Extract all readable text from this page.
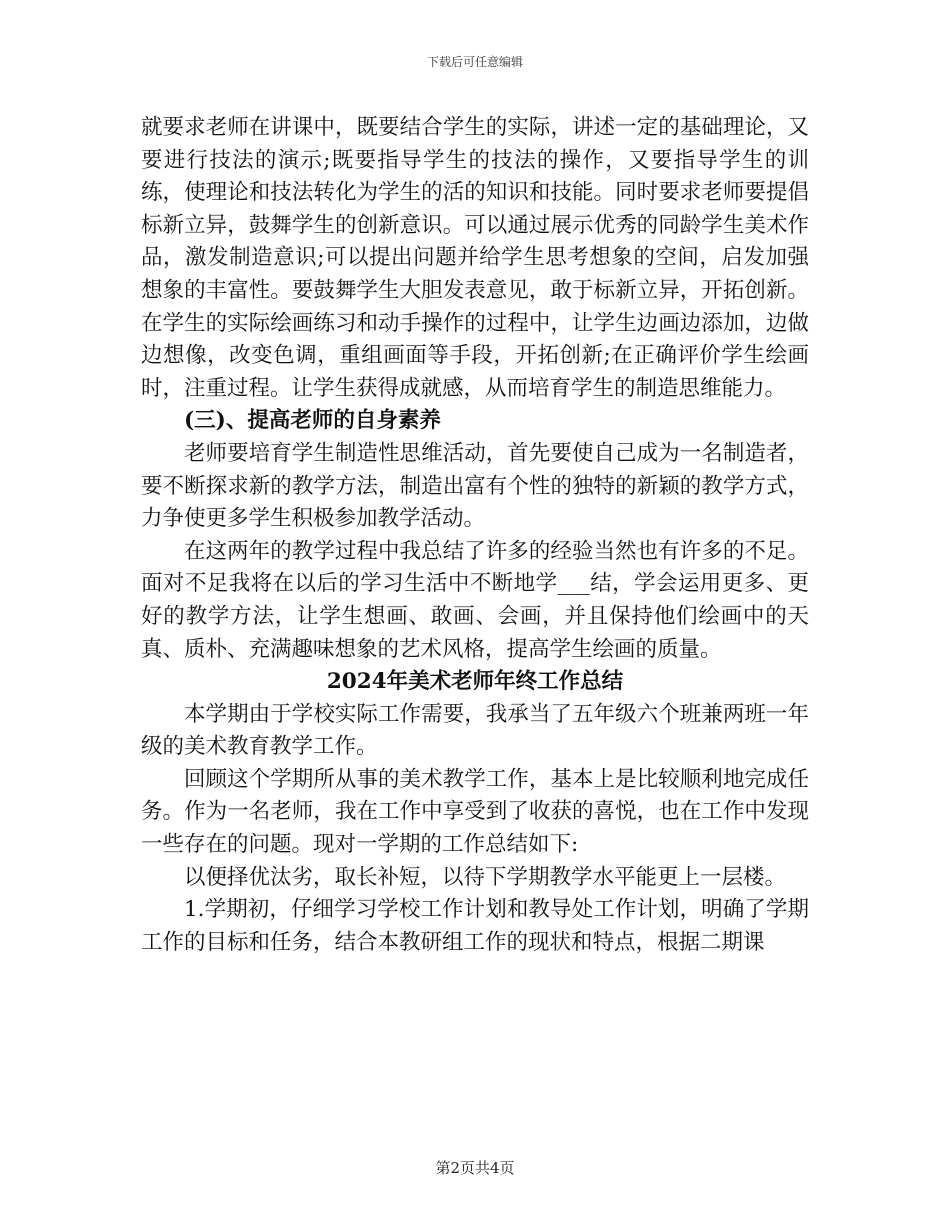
下载后可任意编辑

就要求老师在讲课中，既要结合学生的实际，讲述一定的基础理论，又要进行技法的演示;既要指导学生的技法的操作，又要指导学生的训练，使理论和技法转化为学生的活的知识和技能。同时要求老师要提倡标新立异，鼓舞学生的创新意识。可以通过展示优秀的同龄学生美术作品，激发制造意识;可以提出问题并给学生思考想象的空间，启发加强想象的丰富性。要鼓舞学生大胆发表意见，敢于标新立异，开拓创新。在学生的实际绘画练习和动手操作的过程中，让学生边画边添加，边做边想像，改变色调，重组画面等手段，开拓创新;在正确评价学生绘画时，注重过程。让学生获得成就感，从而培育学生的制造思维能力。

(三)、提高老师的自身素养

老师要培育学生制造性思维活动，首先要使自己成为一名制造者，要不断探求新的教学方法，制造出富有个性的独特的新颖的教学方式，力争使更多学生积极参加教学活动。

在这两年的教学过程中我总结了许多的经验当然也有许多的不足。面对不足我将在以后的学习生活中不断地学___结，学会运用更多、更好的教学方法，让学生想画、敢画、会画，并且保持他们绘画中的天真、质朴、充满趣味想象的艺术风格，提高学生绘画的质量。

2024年美术老师年终工作总结

本学期由于学校实际工作需要，我承当了五年级六个班兼两班一年级的美术教育教学工作。

回顾这个学期所从事的美术教学工作，基本上是比较顺利地完成任务。作为一名老师，我在工作中享受到了收获的喜悦，也在工作中发现一些存在的问题。现对一学期的工作总结如下:

以便择优汰劣，取长补短，以待下学期教学水平能更上一层楼。

1.学期初，仔细学习学校工作计划和教导处工作计划，明确了学期工作的目标和任务，结合本教研组工作的现状和特点，根据二期课

第2页共4页
